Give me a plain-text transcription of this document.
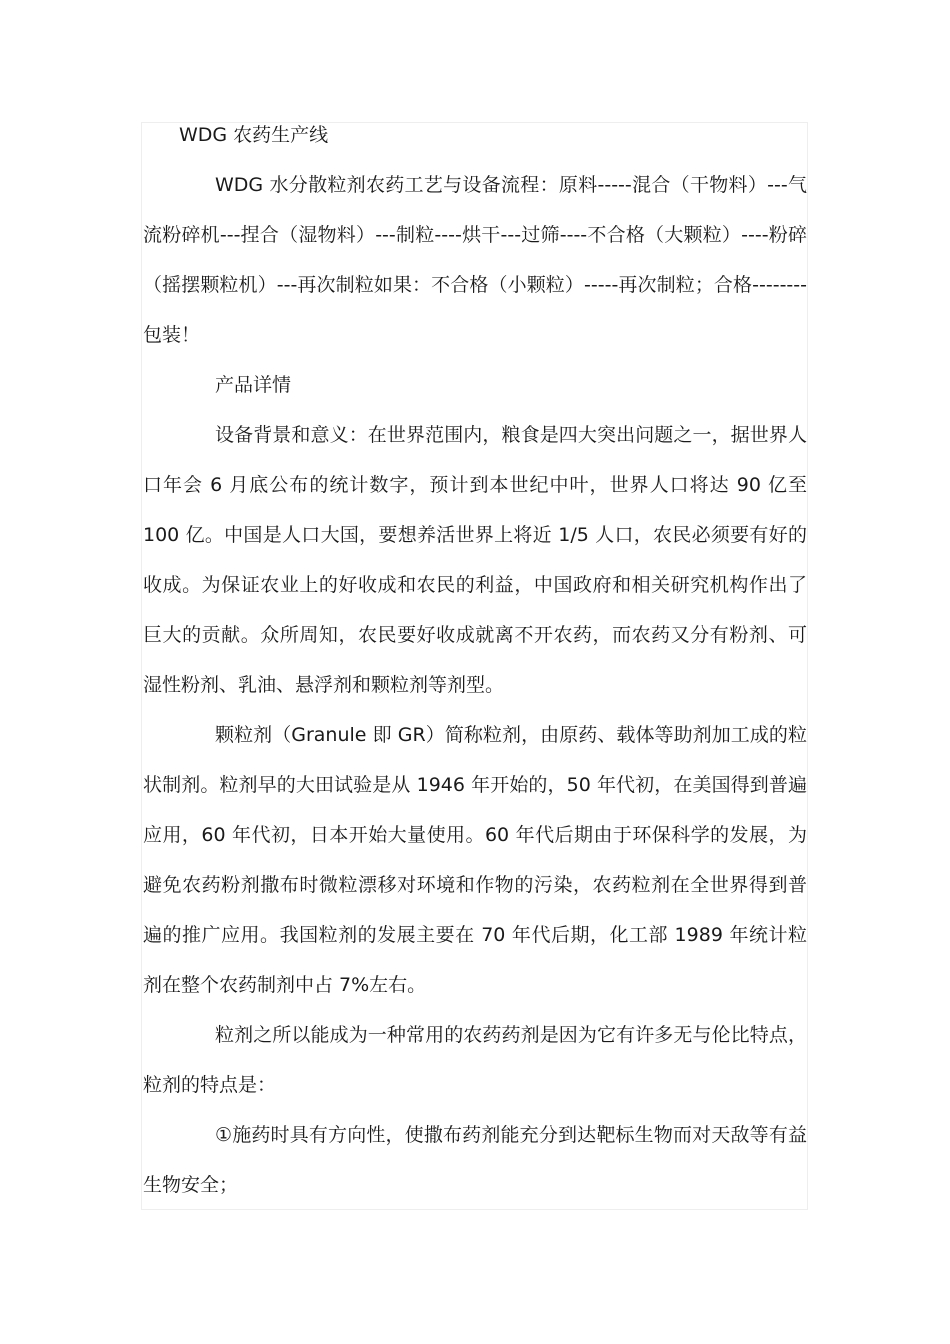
WDG 农药生产线

WDG 水分散粒剂农药工艺与设备流程：原料-----混合（干物料）---气流粉碎机---捏合（湿物料）---制粒----烘干---过筛----不合格（大颗粒）----粉碎（摇摆颗粒机）---再次制粒如果：不合格（小颗粒）-----再次制粒；合格--------包装！

产品详情

设备背景和意义：在世界范围内，粮食是四大突出问题之一，据世界人口年会 6 月底公布的统计数字，预计到本世纪中叶，世界人口将达 90 亿至 100 亿。中国是人口大国，要想养活世界上将近 1/5 人口，农民必须要有好的收成。为保证农业上的好收成和农民的利益，中国政府和相关研究机构作出了巨大的贡献。众所周知，农民要好收成就离不开农药，而农药又分有粉剂、可湿性粉剂、乳油、悬浮剂和颗粒剂等剂型。

颗粒剂（Granule 即 GR）简称粒剂，由原药、载体等助剂加工成的粒状制剂。粒剂早的大田试验是从 1946 年开始的，50 年代初，在美国得到普遍应用，60 年代初，日本开始大量使用。60 年代后期由于环保科学的发展，为避免农药粉剂撒布时微粒漂移对环境和作物的污染，农药粒剂在全世界得到普遍的推广应用。我国粒剂的发展主要在 70 年代后期，化工部 1989 年统计粒剂在整个农药制剂中占 7%左右。

粒剂之所以能成为一种常用的农药药剂是因为它有许多无与伦比特点，粒剂的特点是：

①施药时具有方向性，使撒布药剂能充分到达靶标生物而对天敌等有益生物安全；
